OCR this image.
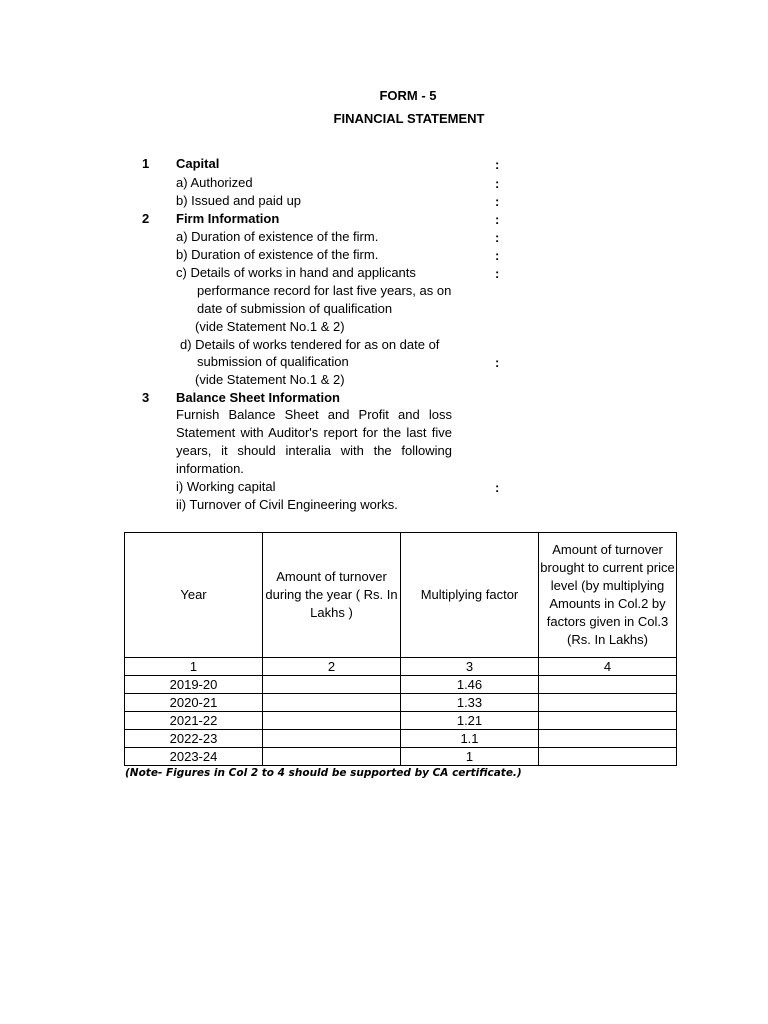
FORM - 5
FINANCIAL STATEMENT
1	Capital	:
a) Authorized	:
b) Issued and paid up	:
2	Firm Information	:
a) Duration of existence of the firm.	:
b) Duration of existence of the firm.	:
c) Details of works in hand and applicants	:
performance record for last five years, as on
date of submission of qualification
(vide Statement No.1 & 2)
d) Details of works tendered for as on date of
submission of qualification	:
(vide Statement No.1 & 2)
3	Balance Sheet Information
Furnish Balance Sheet and Profit and loss Statement with Auditor's report for the last five years, it should interalia with the following information.
i) Working capital	:
ii) Turnover of Civil Engineering works.
Year	Amount of turnover during the year ( Rs. In Lakhs )	Multiplying factor	Amount of turnover brought to current price level (by multiplying Amounts in Col.2 by factors given in Col.3 (Rs. In Lakhs)
1	2	3	4
2019-20		1.46	
2020-21		1.33	
2021-22		1.21	
2022-23		1.1	
2023-24		1	
(Note- Figures in Col 2 to 4 should be supported by CA certificate.)
